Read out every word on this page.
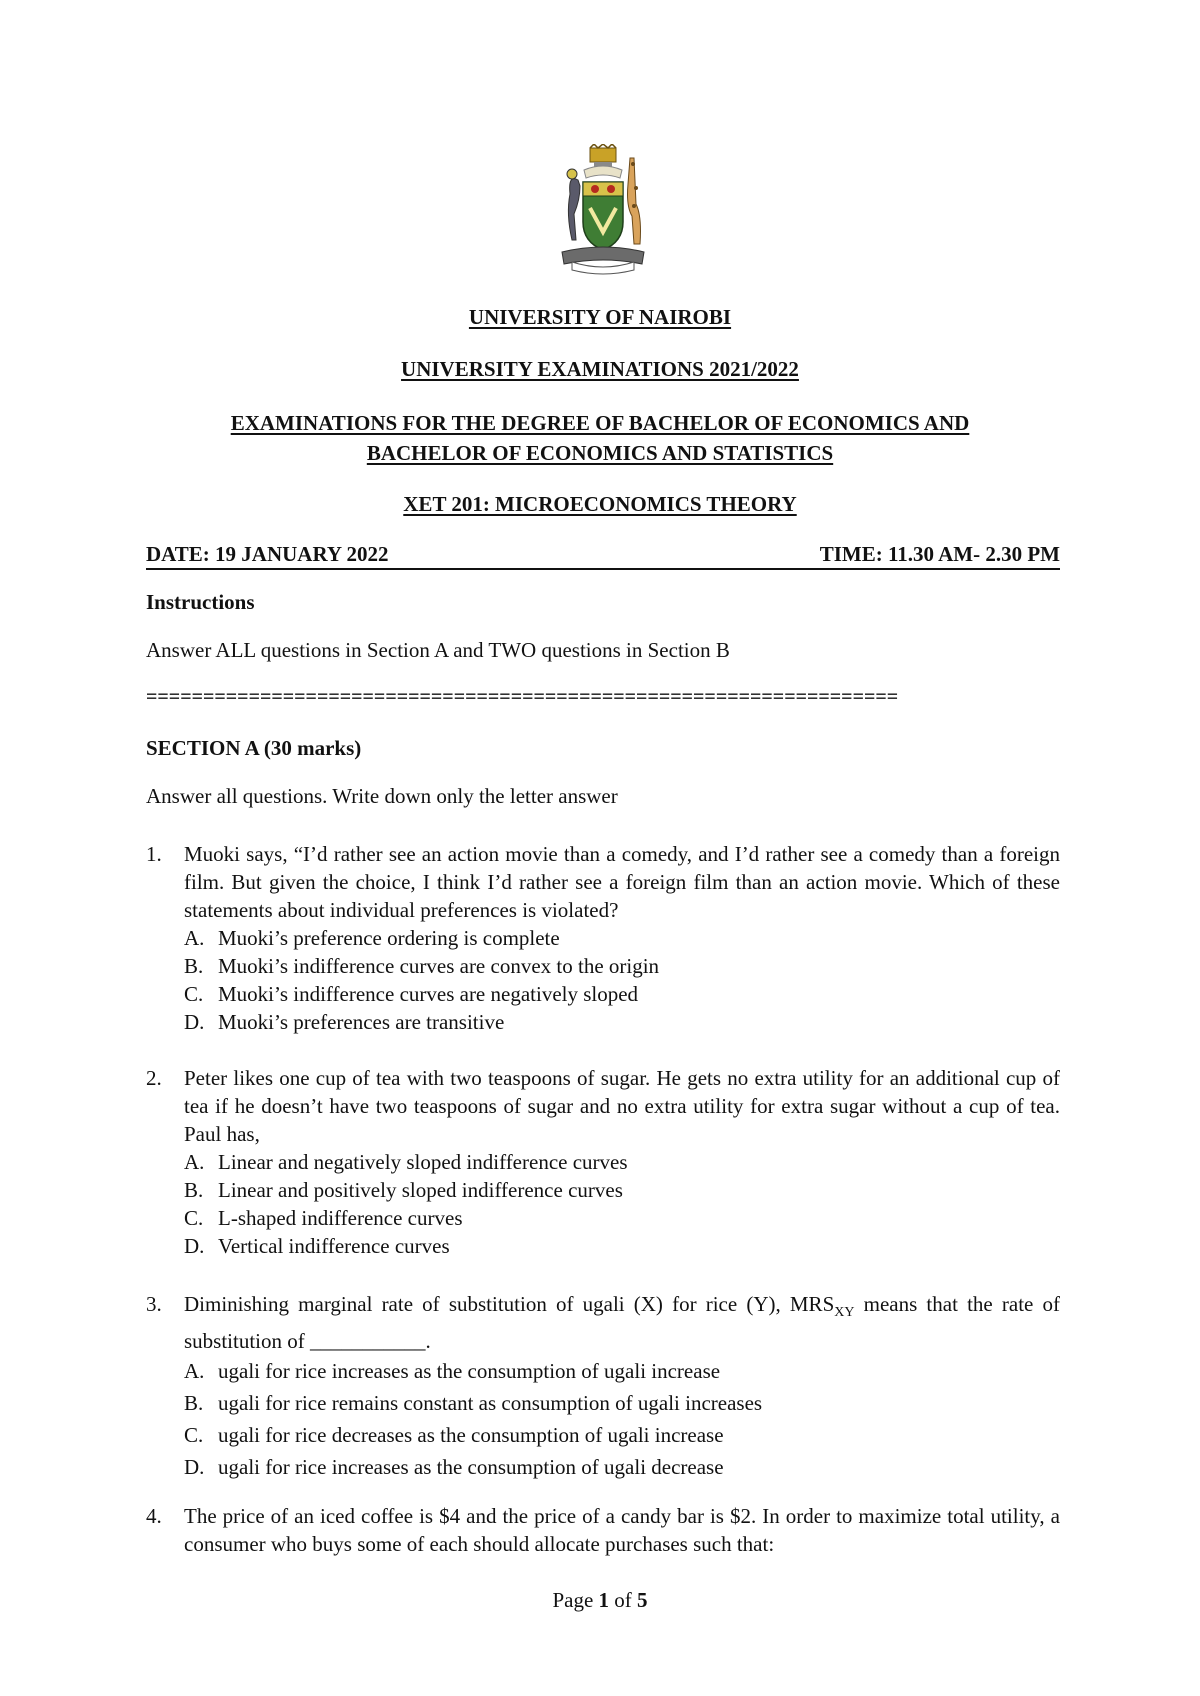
UNIVERSITY OF NAIROBI
UNIVERSITY EXAMINATIONS 2021/2022
EXAMINATIONS FOR THE DEGREE OF BACHELOR OF ECONOMICS AND
BACHELOR OF ECONOMICS AND STATISTICS
XET 201: MICROECONOMICS THEORY
DATE: 19 JANUARY 2022	TIME: 11.30 AM- 2.30 PM
Instructions
Answer ALL questions in Section A and TWO questions in Section B
==================================================================
SECTION A (30 marks)
Answer all questions. Write down only the letter answer
1. Muoki says, “I’d rather see an action movie than a comedy, and I’d rather see a comedy than a foreign film. But given the choice, I think I’d rather see a foreign film than an action movie. Which of these statements about individual preferences is violated?
A. Muoki’s preference ordering is complete
B. Muoki’s indifference curves are convex to the origin
C. Muoki’s indifference curves are negatively sloped
D. Muoki’s preferences are transitive
2. Peter likes one cup of tea with two teaspoons of sugar. He gets no extra utility for an additional cup of tea if he doesn’t have two teaspoons of sugar and no extra utility for extra sugar without a cup of tea. Paul has,
A. Linear and negatively sloped indifference curves
B. Linear and positively sloped indifference curves
C. L-shaped indifference curves
D. Vertical indifference curves
3. Diminishing marginal rate of substitution of ugali (X) for rice (Y), $MRS_{XY}$ means that the rate of substitution of ___________.
A. ugali for rice increases as the consumption of ugali increase
B. ugali for rice remains constant as consumption of ugali increases
C. ugali for rice decreases as the consumption of ugali increase
D. ugali for rice increases as the consumption of ugali decrease
4. The price of an iced coffee is $4 and the price of a candy bar is $2. In order to maximize total utility, a consumer who buys some of each should allocate purchases such that:
Page 1 of 5
